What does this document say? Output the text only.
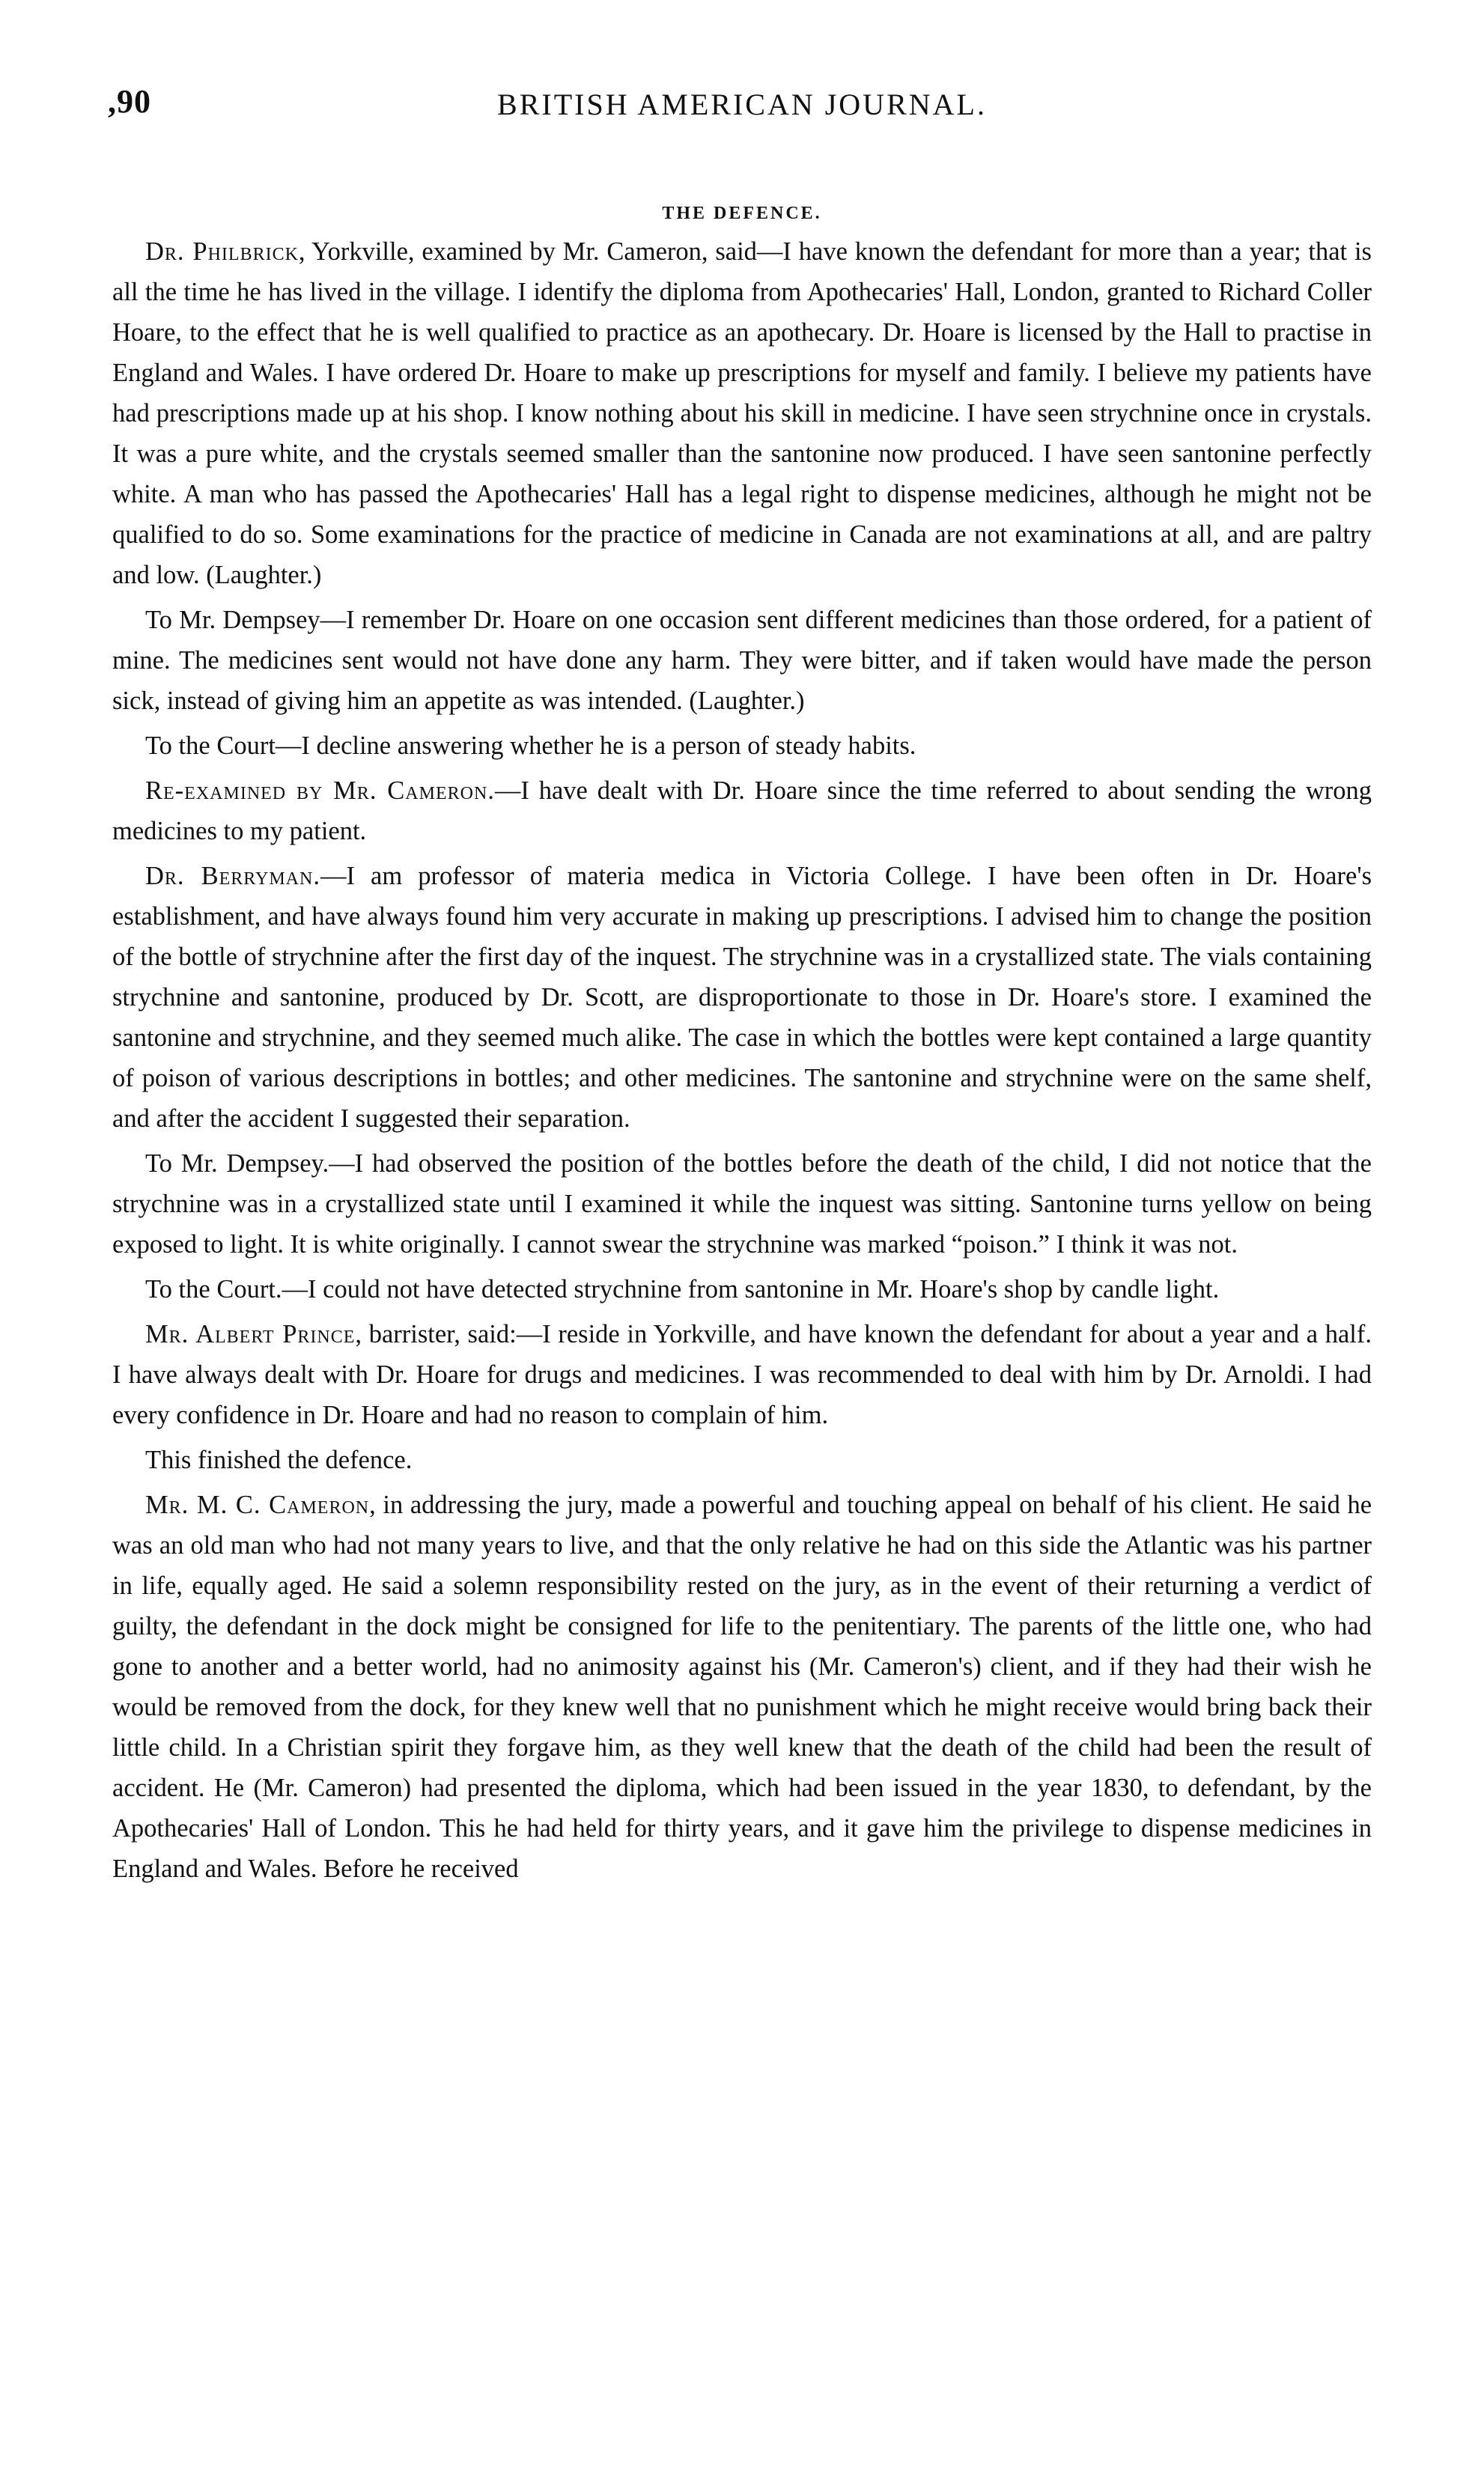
,90	BRITISH AMERICAN JOURNAL.
THE DEFENCE.

Dr. Philbrick, Yorkville, examined by Mr. Cameron, said—I have known the defendant for more than a year; that is all the time he has lived in the village. I identify the diploma from Apothecaries' Hall, London, granted to Richard Coller Hoare, to the effect that he is well qualified to practice as an apothecary. Dr. Hoare is licensed by the Hall to practise in England and Wales. I have ordered Dr. Hoare to make up prescriptions for myself and family. I believe my patients have had prescriptions made up at his shop. I know nothing about his skill in medicine. I have seen strychnine once in crystals. It was a pure white, and the crystals seemed smaller than the santonine now produced. I have seen santonine perfectly white. A man who has passed the Apothecaries' Hall has a legal right to dispense medicines, although he might not be qualified to do so. Some examinations for the practice of medicine in Canada are not examinations at all, and are paltry and low. (Laughter.)

To Mr. Dempsey—I remember Dr. Hoare on one occasion sent different medicines than those ordered, for a patient of mine. The medicines sent would not have done any harm. They were bitter, and if taken would have made the person sick, instead of giving him an appetite as was intended. (Laughter.)

To the Court—I decline answering whether he is a person of steady habits.

Re-examined by Mr. Cameron.—I have dealt with Dr. Hoare since the time referred to about sending the wrong medicines to my patient.

Dr. Berryman.—I am professor of materia medica in Victoria College. I have been often in Dr. Hoare's establishment, and have always found him very accurate in making up prescriptions. I advised him to change the position of the bottle of strychnine after the first day of the inquest. The strychnine was in a crystallized state. The vials containing strychnine and santonine, produced by Dr. Scott, are disproportionate to those in Dr. Hoare's store. I examined the santonine and strychnine, and they seemed much alike. The case in which the bottles were kept contained a large quantity of poison of various descriptions in bottles; and other medicines. The santonine and strychnine were on the same shelf, and after the accident I suggested their separation.

To Mr. Dempsey.—I had observed the position of the bottles before the death of the child, I did not notice that the strychnine was in a crystallized state until I examined it while the inquest was sitting. Santonine turns yellow on being exposed to light. It is white originally. I cannot swear the strychnine was marked “poison.” I think it was not.

To the Court.—I could not have detected strychnine from santonine in Mr. Hoare's shop by candle light.

Mr. Albert Prince, barrister, said:—I reside in Yorkville, and have known the defendant for about a year and a half. I have always dealt with Dr. Hoare for drugs and medicines. I was recommended to deal with him by Dr. Arnoldi. I had every confidence in Dr. Hoare and had no reason to complain of him.

This finished the defence.

Mr. M. C. Cameron, in addressing the jury, made a powerful and touching appeal on behalf of his client. He said he was an old man who had not many years to live, and that the only relative he had on this side the Atlantic was his partner in life, equally aged. He said a solemn responsibility rested on the jury, as in the event of their returning a verdict of guilty, the defendant in the dock might be consigned for life to the penitentiary. The parents of the little one, who had gone to another and a better world, had no animosity against his (Mr. Cameron's) client, and if they had their wish he would be removed from the dock, for they knew well that no punishment which he might receive would bring back their little child. In a Christian spirit they forgave him, as they well knew that the death of the child had been the result of accident. He (Mr. Cameron) had presented the diploma, which had been issued in the year 1830, to defendant, by the Apothecaries' Hall of London. This he had held for thirty years, and it gave him the privilege to dispense medicines in England and Wales. Before he received
